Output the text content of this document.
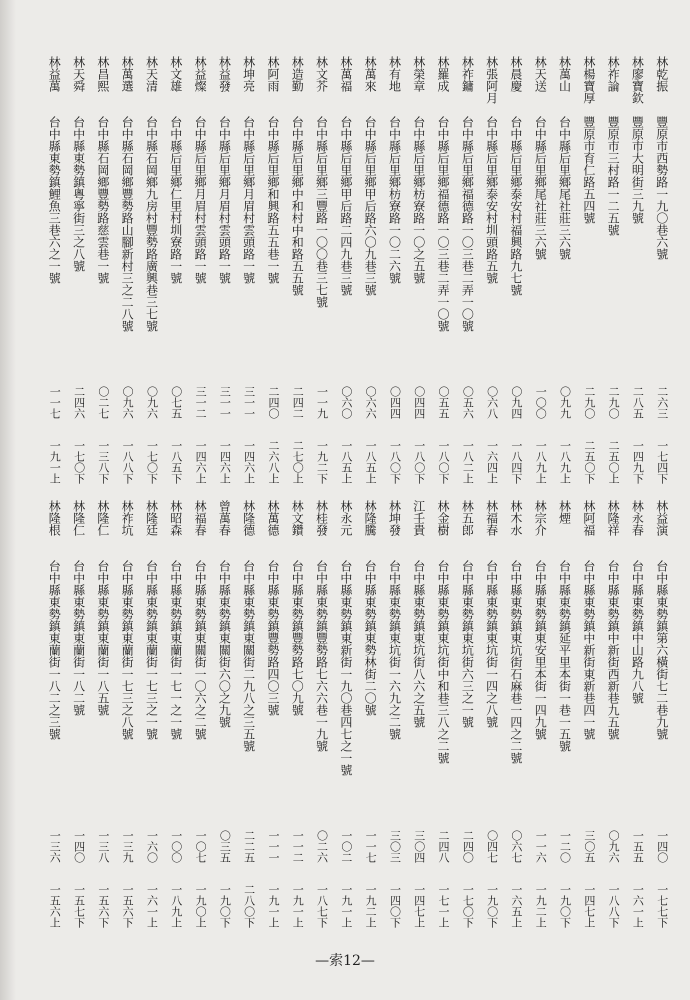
林乾振
豐原市西勢路一九〇巷六號
二六三
一七四下
林廖寶欽
豐原市大明街三九號
二八五
一四九下
林祚論
豐原市三村路一二五號
二九〇
二五〇上
林楊寶厚
豐原市育仁路五四號
二九〇
二五〇下
林萬山
台中縣后里鄉尾社莊三六號
〇九九
一八九上
林天送
台中縣后里鄉尾社莊三六號
一〇〇
一八九上
林晨慶
台中縣后里鄉泰安村福興路九七號
〇九四
一八四下
林張阿月
台中縣后里鄉泰安村圳頭路五號
〇六八
一六四上
林祚鏞
台中縣后里鄉福德路一〇三巷二弄一〇號
〇五六
一八二上
林羅成
台中縣后里鄉福德路一〇三巷二弄一〇號
〇五五
一八〇下
林榮章
台中縣后里鄉枋寮路一〇之五號
〇四四
一八〇下
林有地
台中縣后里鄉枋寮路一〇二六號
〇四四
一八〇下
林萬來
台中縣后里鄉甲后路六〇九巷三號
〇六六
一八五上
林萬福
台中縣后里鄉甲后路二四九巷三號
〇六〇
一八五上
林文芥
台中縣后里鄉三豐路一〇〇巷三七號
一一九
一九二下
林造勤
台中縣后里鄉中和村中和路五五號
二四二
二七〇上
林阿雨
台中縣后里鄉和興路五五巷一號
二四〇
二六八上
林坤亮
台中縣后里鄉月眉村雲頭路一號
三一一
一四六上
林益發
台中縣后里鄉月眉村雲頭路一號
三一一
一四六上
林益燦
台中縣后里鄉月眉村雲頭路一號
三一二
一四六上
林文雄
台中縣后里鄉仁里村圳寮路一號
〇七五
一八五下
林天清
台中縣石岡鄉九房村豐勢路廣興巷三七號
〇九六
一七〇下
林萬選
台中縣石岡鄉豐勢路山腳新村三之二八號
〇九六
一八八下
林昌熙
台中縣石岡鄉豐勢路慈雲巷一號
〇二七
一三八下
林天舜
台中縣東勢鎮粵寧街三之八號
二四六
一七〇下
林益萬
台中縣東勢鎮鯉魚三巷六之一號
一一七
一九一上
林益演
台中縣東勢鎮第六橫街七二巷九號
一四〇
一七七下
林永春
台中縣東勢鎮中山路九八號
一五五
一六一上
林隆祥
台中縣東勢鎮中新街西新巷九五號
〇九六
一八八下
林阿福
台中縣東勢鎮中新街東新巷四一號
三〇五
一四七上
林煙
台中縣東勢鎮延平里本街一巷一五號
一二〇
一九〇下
林宗介
台中縣東勢鎮東安里本街一四九號
一一六
一九二上
林木水
台中縣東勢鎮東坑街石麻巷一四之二號
〇六七
一六五上
林福春
台中縣東勢鎮東坑街一四之八號
〇四七
一九〇下
林五郎
台中縣東勢鎮東坑街六三之一號
二四〇
一七〇下
林金樹
台中縣東勢鎮東坑街中和巷三八之二號
二四八
一七一上
江壬貴
台中縣東勢鎮東坑街八六之五號
三〇四
一四七上
林坤發
台中縣東勢鎮東坑街一六九之二號
三〇三
一四〇下
林隆騰
台中縣東勢鎮東勢林街二〇號
一一七
一九二上
林永元
台中縣東勢鎮東新街一九〇巷四七之一號
一〇二
一九一上
林桂發
台中縣東勢鎮豐勢路七六六巷一九號
〇二六
一八七下
林文鑽
台中縣東勢鎮豐勢路七〇九號
一一二
一九一上
林萬德
台中縣東勢鎮豐勢路四〇三號
一一一
一九一上
林隆德
台中縣東勢鎮東關街二九八之三五號
二二五
二八〇下
曾萬春
台中縣東勢鎮東關街六〇之九號
〇三五
一九〇下
林福春
台中縣東勢鎮東關街一〇六之二號
一〇七
一九〇上
林昭森
台中縣東勢鎮東蘭街一七一之一號
一〇〇
一八九上
林隆廷
台中縣東勢鎮東蘭街一七三之一號
一六〇
一六一上
林祚坑
台中縣東勢鎮東蘭街一七三之八號
一三九
一五六下
林隆仁
台中縣東勢鎮東蘭街一八五號
一三八
一五六下
林隆仁
台中縣東勢鎮東蘭街一八二號
一四〇
一五七下
林隆根
台中縣東勢鎮東蘭街一八二之三號
一三六
一五六上
—索12—
